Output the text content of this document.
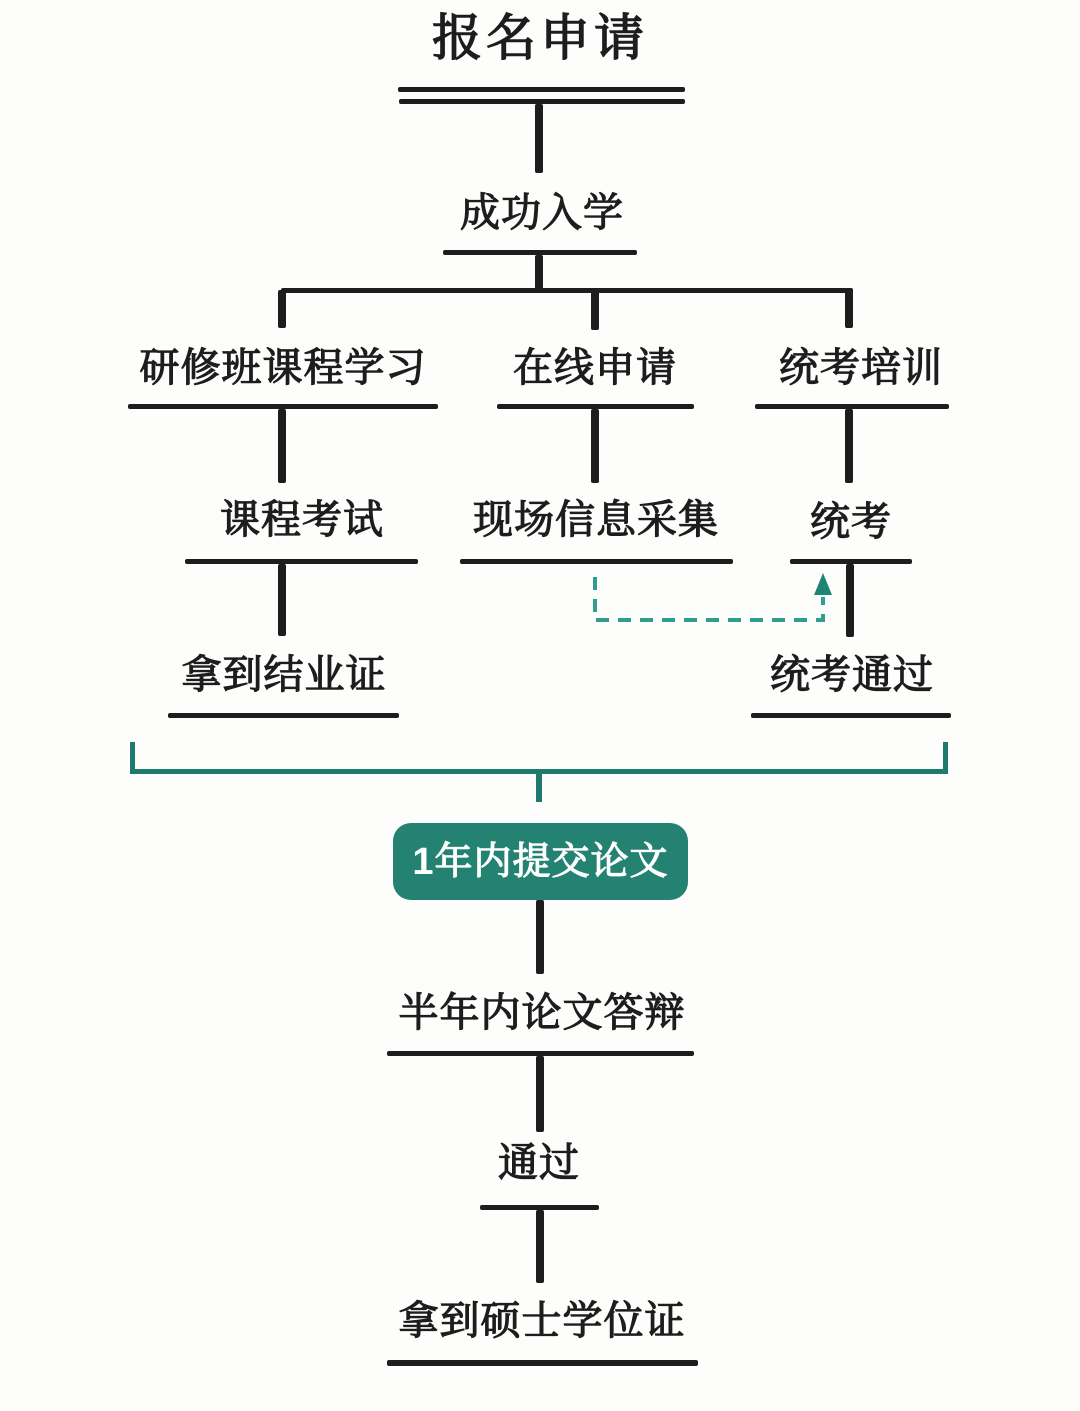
报名申请
成功入学
研修班课程学习 在线申请	统考培训
课程考试 现场信息采集 统考
拿到结业证	统考通过
半年内论文答辩
通过
拿到硕士学位证
1年内提交论文
